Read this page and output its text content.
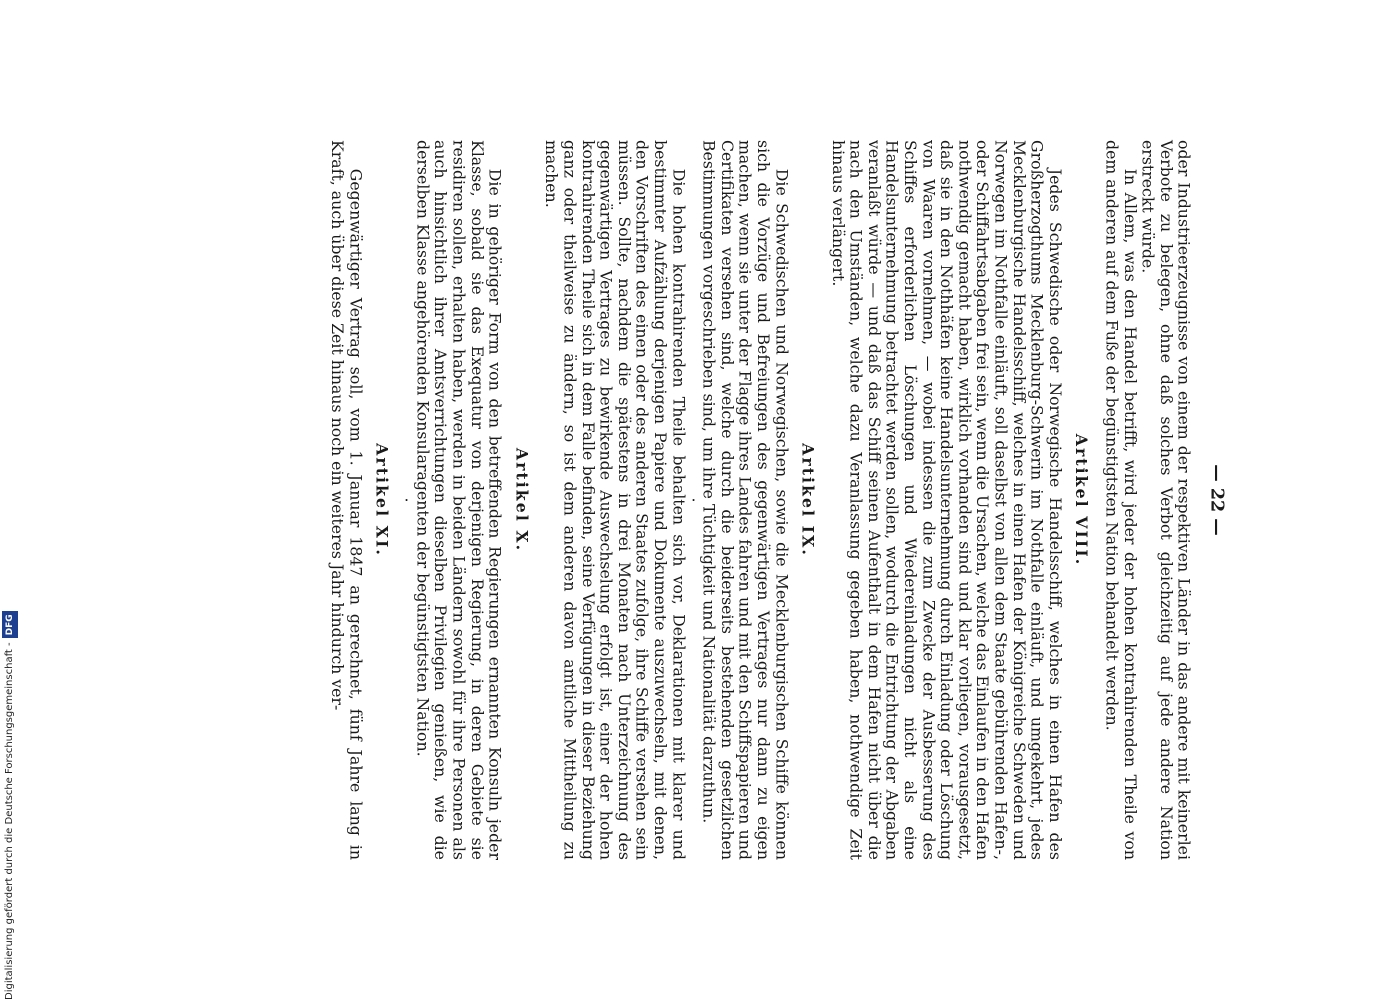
— 22 —
oder Industrieerzeugnisse von einem der respektiven Länder in das andere mit keinerlei Verbote zu belegen, ohne daß solches Verbot gleichzeitig auf jede andere Nation erstreckt würde.
In Allem, was den Handel betrifft, wird jeder der hohen kontrahirenden Theile von dem anderen auf dem Fuße der begünstigtsten Nation behandelt werden.
Artikel VIII.
Jedes Schwedische oder Norwegische Handelsschiff, welches in einen Hafen des Großherzogthums Mecklenburg-Schwerin im Nothfalle einläuft, und umgekehrt, jedes Mecklenburgische Handelsschiff, welches in einen Hafen der Königreiche Schweden und Norwegen im Nothfalle einläuft, soll daselbst von allen dem Staate gebührenden Hafen-, oder Schiffahrtsabgaben frei sein, wenn die Ursachen, welche das Einlaufen in den Hafen nothwendig gemacht haben, wirklich vorhanden sind und klar vorliegen, vorausgesetzt, daß sie in den Nothhäfen keine Handelsunternehmung durch Einladung oder Löschung von Waaren vornehmen, — wobei indessen die zum Zwecke der Ausbesserung des Schiffes erforderlichen Löschungen und Wiedereinladungen nicht als eine Handelsunternehmung betrachtet werden sollen, wodurch die Entrichtung der Abgaben veranlaßt würde — und daß das Schiff seinen Aufenthalt in dem Hafen nicht über die nach den Umständen, welche dazu Veranlassung gegeben haben, nothwendige Zeit hinaus verlängert.
Artikel IX.
Die Schwedischen und Norwegischen, sowie die Mecklenburgischen Schiffe können sich die Vorzüge und Befreiungen des gegenwärtigen Vertrages nur dann zu eigen machen, wenn sie unter der Flagge ihres Landes fahren und mit den Schiffspapieren und Certifikaten versehen sind, welche durch die beiderseits bestehenden gesetzlichen Bestimmungen vorgeschrieben sind, um ihre Tüchtigkeit und Nationalität darzuthun.
·
Die hohen kontrahirenden Theile behalten sich vor, Deklarationen mit klarer und bestimmter Aufzählung derjenigen Papiere und Dokumente auszuwechseln, mit denen, den Vorschriften des einen oder des anderen Staates zufolge, ihre Schiffe versehen sein müssen. Sollte, nachdem die spätestens in drei Monaten nach Unterzeichnung des gegenwärtigen Vertrages zu bewirkende Auswechselung erfolgt ist, einer der hohen kontrahirenden Theile sich in dem Falle befinden, seine Verfügungen in dieser Beziehung ganz oder theilweise zu ändern, so ist dem anderen davon amtliche Mittheilung zu machen.
Artikel X.
Die in gehöriger Form von den betreffenden Regierungen ernannten Konsuln jeder Klasse, sobald sie das Exequatur von derjenigen Regierung, in deren Gebiete sie residiren sollen, erhalten haben, werden in beiden Ländern sowohl für ihre Personen als auch hinsichtlich ihrer Amtsverrichtungen dieselben Privilegien genießen, wie die derselben Klasse angehörenden Konsularagenten der begünstigtsten Nation.
·
Artikel XI.
Gegenwärtiger Vertrag soll, vom 1. Januar 1847 an gerechnet, fünf Jahre lang in Kraft, auch über diese Zeit hinaus noch ein weiteres Jahr hindurch ver-
Digitalisierung gefördert durch die Deutsche Forschungsgemeinschaft -DFG
